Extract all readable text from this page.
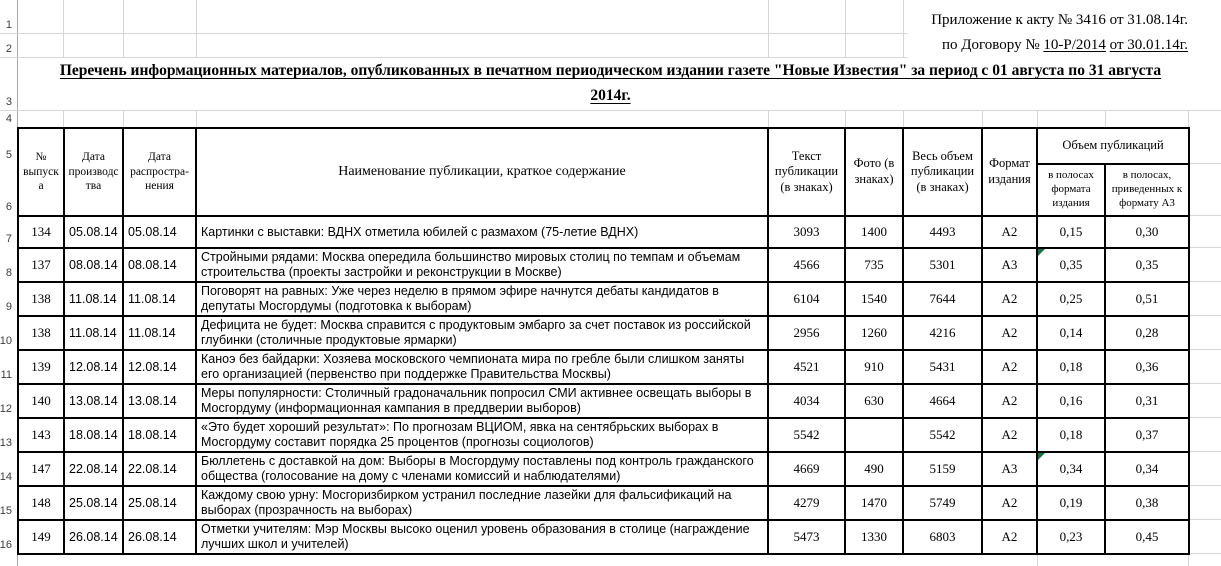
1
2
3
4
5
6
7
8
9
10
11
12
13
14
15
16
Приложение к акту № 3416 от 31.08.14г.
по Договору № 10-Р/2014 от 30.01.14г.
Перечень информационных материалов, опубликованных в печатном периодическом издании газете "Новые Известия" за период с 01 августа по 31 августа
2014г.
№ выпуска	Дата производства	Дата распростра-нения	Наименование публикации, краткое содержание	Текст публикации (в знаках)	Фото (в знаках)	Весь объем публикации (в знаках)	Формат издания	Объем публикаций	
								в полосах формата издания	в полосах, приведенных к формату А3
134	05.08.14	05.08.14	Картинки с выставки: ВДНХ отметила юбилей с размахом (75-летие ВДНХ)	3093	1400	4493	А2	0,15	0,30
137	08.08.14	08.08.14	Стройными рядами: Москва опередила большинство мировых столиц по темпам и объемам строительства (проекты застройки и реконструкции в Москве)	4566	735	5301	А3	0,35	0,35
138	11.08.14	11.08.14	Поговорят на равных: Уже через неделю в прямом эфире начнутся дебаты кандидатов в депутаты Мосгордумы (подготовка к выборам)	6104	1540	7644	А2	0,25	0,51
138	11.08.14	11.08.14	Дефицита не будет: Москва справится с продуктовым эмбарго за счет поставок из российской глубинки (столичные продуктовые ярмарки)	2956	1260	4216	А2	0,14	0,28
139	12.08.14	12.08.14	Каноэ без байдарки: Хозяева московского чемпионата мира по гребле были слишком заняты его организацией (первенство при поддержке Правительства Москвы)	4521	910	5431	А2	0,18	0,36
140	13.08.14	13.08.14	Меры популярности: Столичный градоначальник попросил СМИ активнее освещать выборы в Мосгордуму (информационная кампания в преддверии выборов)	4034	630	4664	А2	0,16	0,31
143	18.08.14	18.08.14	«Это будет хороший результат»: По прогнозам ВЦИОМ, явка на сентябрьских выборах в Мосгордуму составит порядка 25 процентов (прогнозы социологов)	5542		5542	А2	0,18	0,37
147	22.08.14	22.08.14	Бюллетень с доставкой на дом: Выборы в Мосгордуму поставлены под контроль гражданского общества (голосование на дому с членами комиссий и наблюдателями)	4669	490	5159	А3	0,34	0,34
148	25.08.14	25.08.14	Каждому свою урну: Мосгоризбирком устранил последние лазейки для фальсификаций на выборах (прозрачность на выборах)	4279	1470	5749	А2	0,19	0,38
149	26.08.14	26.08.14	Отметки учителям: Мэр Москвы высоко оценил уровень образования в столице (награждение лучших школ и учителей)	5473	1330	6803	А2	0,23	0,45
